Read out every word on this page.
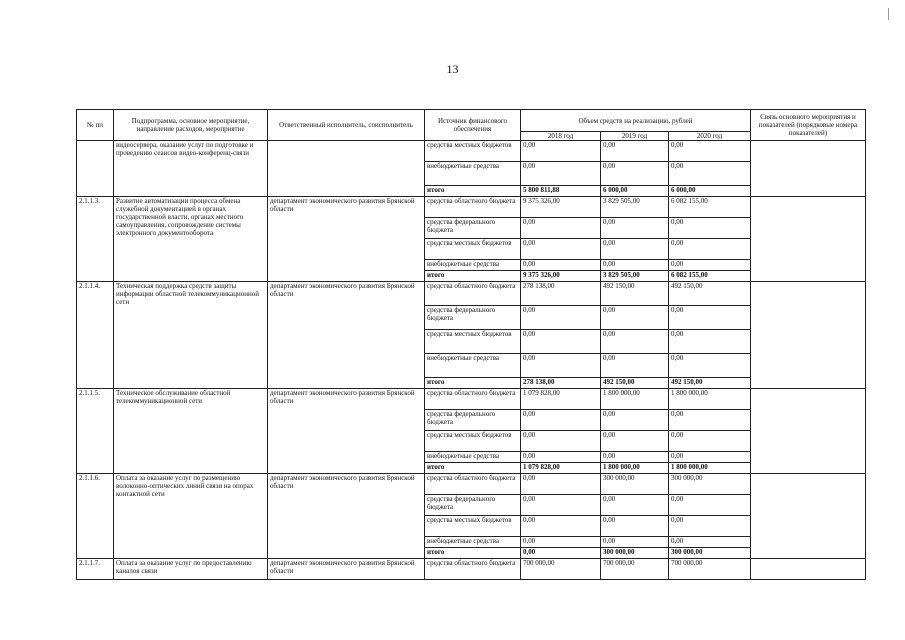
13
№ пп	Подпрограмма, основное мероприятие, направление расходов, мероприятие	Ответственный исполнитель, соисполнитель	Источник финансового обеспечения	Объем средств на реализацию, рублей			Связь основного мероприятия и показателей (порядковые номера показателей)
				2018 год	2019 год	2020 год	
	видеосервера, оказание услуг по подготовке и проведению сеансов видео-конференц-связи		средства местных бюджетов	0,00	0,00	0,00	
			внебюджетные средства	0,00	0,00	0,00	
			итого	5 800 811,88	6 000,00	6 000,00	
2.1.1.3.	Развитие автоматизации процесса обмена служебной документацией в органах государственной власти, органах местного самоуправления, сопровождение системы электронного документооборота	департамент экономического развития Брянской области	средства областного бюджета	9 375 326,00	3 829 505,00	6 082 155,00	
			средства федерального бюджета	0,00	0,00	0,00	
			средства местных бюджетов	0,00	0,00	0,00	
			внебюджетные средства	0,00	0,00	0,00	
			итого	9 375 326,00	3 829 505,00	6 082 155,00	
2.1.1.4.	Техническая поддержка средств защиты информации областной телекоммуникационной сети	департамент экономического развития Брянской области	средства областного бюджета	278 138,00	492 150,00	492 150,00	
			средства федерального бюджета	0,00	0,00	0,00	
			средства местных бюджетов	0,00	0,00	0,00	
			внебюджетные средства	0,00	0,00	0,00	
			итого	278 138,00	492 150,00	492 150,00	
2.1.1.5.	Техническое обслуживание областной телекоммуникационной сети	департамент экономического развития Брянской области	средства областного бюджета	1 079 828,00	1 800 000,00	1 800 000,00	
			средства федерального бюджета	0,00	0,00	0,00	
			средства местных бюджетов	0,00	0,00	0,00	
			внебюджетные средства	0,00	0,00	0,00	
			итого	1 079 828,00	1 800 000,00	1 800 000,00	
2.1.1.6.	Оплата за оказание услуг по размещению волоконно-оптических линий связи на опорах контактной сети	департамент экономического развития Брянской области	средства областного бюджета	0,00	300 000,00	300 000,00	
			средства федерального бюджета	0,00	0,00	0,00	
			средства местных бюджетов	0,00	0,00	0,00	
			внебюджетные средства	0,00	0,00	0,00	
			итого	0,00	300 000,00	300 000,00	
2.1.1.7.	Оплата за оказание услуг по предоставлению каналов связи	департамент экономического развития Брянской области	средства областного бюджета	700 000,00	700 000,00	700 000,00	
